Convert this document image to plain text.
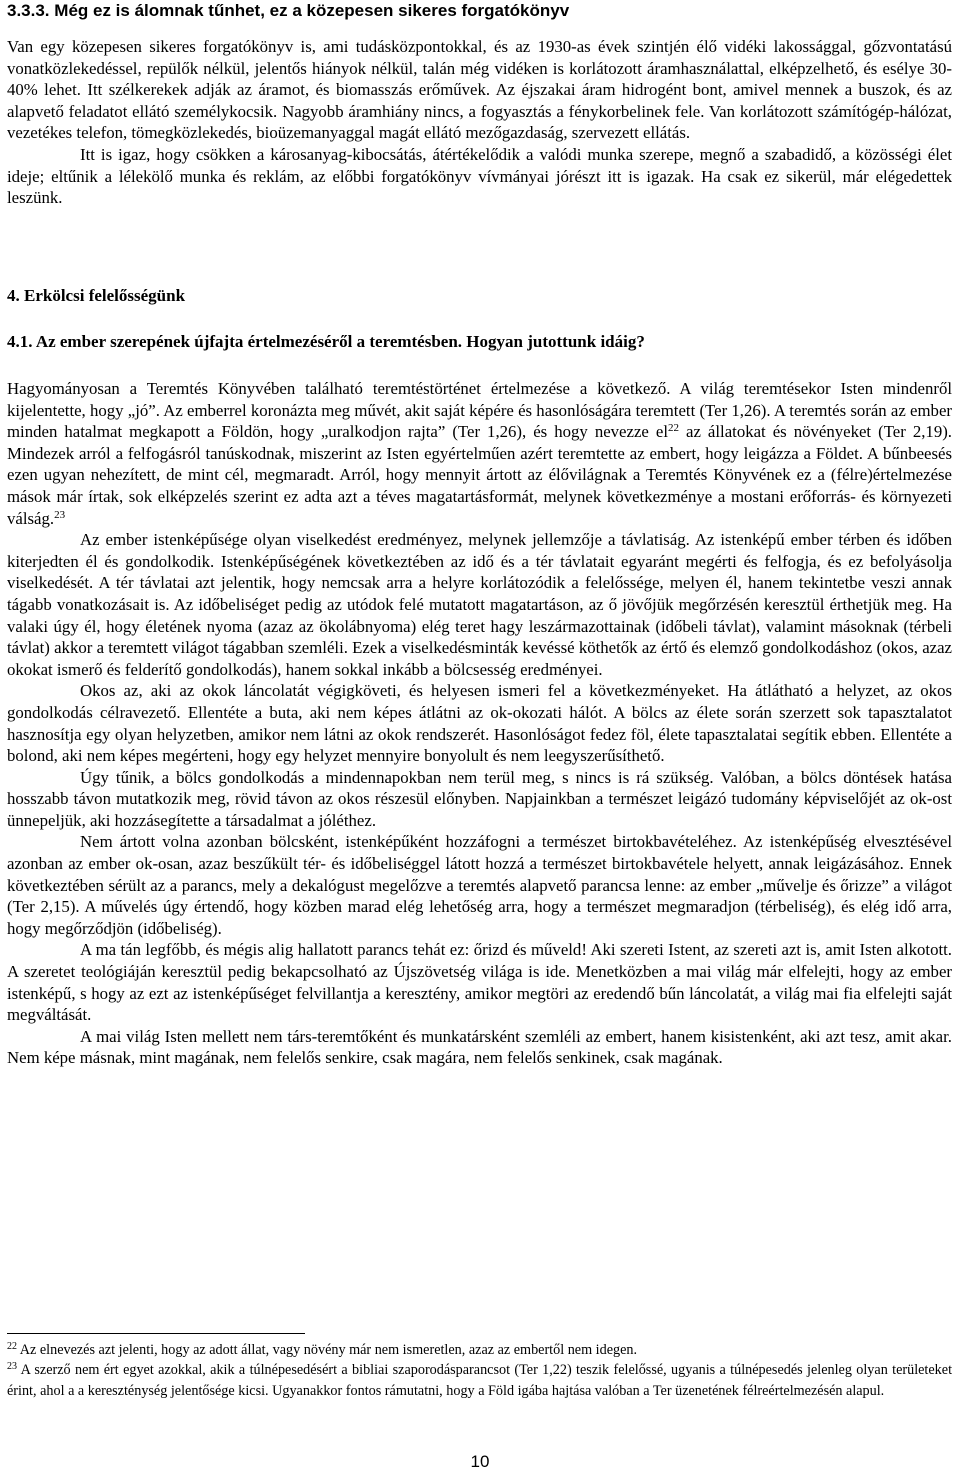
3.3.3. Még ez is álomnak tűnhet, ez a közepesen sikeres forgatókönyv

Van egy közepesen sikeres forgatókönyv is, ami tudásközpontokkal, és az 1930-as évek szintjén élő vidéki lakossággal, gőzvontatású vonatközlekedéssel, repülők nélkül, jelentős hiányok nélkül, talán még vidéken is korlátozott áramhasználattal, elképzelhető, és esélye 30-40% lehet. Itt szélkerekek adják az áramot, és biomasszás erőművek. Az éjszakai áram hidrogént bont, amivel mennek a buszok, és az alapvető feladatot ellátó személykocsik. Nagyobb áramhiány nincs, a fogyasztás a fénykorbelinek fele. Van korlátozott számítógép-hálózat, vezetékes telefon, tömegközlekedés, bioüzemanyaggal magát ellátó mezőgazdaság, szervezett ellátás.

Itt is igaz, hogy csökken a károsanyag-kibocsátás, átértékelődik a valódi munka szerepe, megnő a szabadidő, a közösségi élet ideje; eltűnik a lélekölő munka és reklám, az előbbi forgatókönyv vívmányai jórészt itt is igazak. Ha csak ez sikerül, már elégedettek leszünk.

4. Erkölcsi felelősségünk
4.1. Az ember szerepének újfajta értelmezéséről a teremtésben. Hogyan jutottunk idáig?

Hagyományosan a Teremtés Könyvében található teremtéstörténet értelmezése a következő. A világ teremtésekor Isten mindenről kijelentette, hogy „jó”. Az emberrel koronázta meg művét, akit saját képére és hasonlóságára teremtett (Ter 1,26). A teremtés során az ember minden hatalmat megkapott a Földön, hogy „uralkodjon rajta” (Ter 1,26), és hogy nevezze $el^{22}$ az állatokat és növényeket (Ter 2,19). Mindezek arról a felfogásról tanúskodnak, miszerint az Isten egyértelműen azért teremtette az embert, hogy leigázza a Földet. A bűnbeesés ezen ugyan nehezített, de mint cél, megmaradt. Arról, hogy mennyit ártott az élővilágnak a Teremtés Könyvének ez a (félre)értelmezése mások már írtak, sok elképzelés szerint ez adta azt a téves magatartásformát, melynek következménye a mostani erőforrás- és környezeti válság.$^{23}$

Az ember istenképűsége olyan viselkedést eredményez, melynek jellemzője a távlatiság. Az istenképű ember térben és időben kiterjedten él és gondolkodik. Istenképűségének következtében az idő és a tér távlatait egyaránt megérti és felfogja, és ez befolyásolja viselkedését. A tér távlatai azt jelentik, hogy nemcsak arra a helyre korlátozódik a felelőssége, melyen él, hanem tekintetbe veszi annak tágabb vonatkozásait is. Az időbeliséget pedig az utódok felé mutatott magatartáson, az ő jövőjük megőrzésén keresztül érthetjük meg. Ha valaki úgy él, hogy életének nyoma (azaz az ökolábnyoma) elég teret hagy leszármazottainak (időbeli távlat), valamint másoknak (térbeli távlat) akkor a teremtett világot tágabban szemléli. Ezek a viselkedésminták kevéssé köthetők az értő és elemző gondolkodáshoz (okos, azaz okokat ismerő és felderítő gondolkodás), hanem sokkal inkább a bölcsesség eredményei.

Okos az, aki az okok láncolatát végigköveti, és helyesen ismeri fel a következményeket. Ha átlátható a helyzet, az okos gondolkodás célravezető. Ellentéte a buta, aki nem képes átlátni az ok-okozati hálót. A bölcs az élete során szerzett sok tapasztalatot hasznosítja egy olyan helyzetben, amikor nem látni az okok rendszerét. Hasonlóságot fedez föl, élete tapasztalatai segítik ebben. Ellentéte a bolond, aki nem képes megérteni, hogy egy helyzet mennyire bonyolult és nem leegyszerűsíthető.

Úgy tűnik, a bölcs gondolkodás a mindennapokban nem terül meg, s nincs is rá szükség. Valóban, a bölcs döntések hatása hosszabb távon mutatkozik meg, rövid távon az okos részesül előnyben. Napjainkban a természet leigázó tudomány képviselőjét az ok-ost ünnepeljük, aki hozzásegítette a társadalmat a jóléthez.

Nem ártott volna azonban bölcsként, istenképűként hozzáfogni a természet birtokbavételéhez. Az istenképűség elvesztésével azonban az ember ok-osan, azaz beszűkült tér- és időbeliséggel látott hozzá a természet birtokbavétele helyett, annak leigázásához. Ennek következtében sérült az a parancs, mely a dekalógust megelőzve a teremtés alapvető parancsa lenne: az ember „művelje és őrizze” a világot (Ter 2,15). A művelés úgy értendő, hogy közben marad elég lehetőség arra, hogy a természet megmaradjon (térbeliség), és elég idő arra, hogy megőrződjön (időbeliség).

A ma tán legfőbb, és mégis alig hallatott parancs tehát ez: őrizd és műveld! Aki szereti Istent, az szereti azt is, amit Isten alkotott. A szeretet teológiáján keresztül pedig bekapcsolható az Újszövetség világa is ide. Menetközben a mai világ már elfelejti, hogy az ember istenképű, s hogy az ezt az istenképűséget felvillantja a keresztény, amikor megtöri az eredendő bűn láncolatát, a világ mai fia elfelejti saját megváltását.

A mai világ Isten mellett nem társ-teremtőként és munkatársként szemléli az embert, hanem kisistenként, aki azt tesz, amit akar. Nem képe másnak, mint magának, nem felelős senkire, csak magára, nem felelős senkinek, csak magának.

$^{22}$ Az elnevezés azt jelenti, hogy az adott állat, vagy növény már nem ismeretlen, azaz az embertől nem idegen.

$^{23}$ A szerző nem ért egyet azokkal, akik a túlnépesedésért a bibliai szaporodásparancsot (Ter 1,22) teszik felelőssé, ugyanis a túlnépesedés jelenleg olyan területeket érint, ahol a a kereszténység jelentősége kicsi. Ugyanakkor fontos rámutatni, hogy a Föld igába hajtása valóban a Ter üzenetének félreértelmezésén alapul.

10
